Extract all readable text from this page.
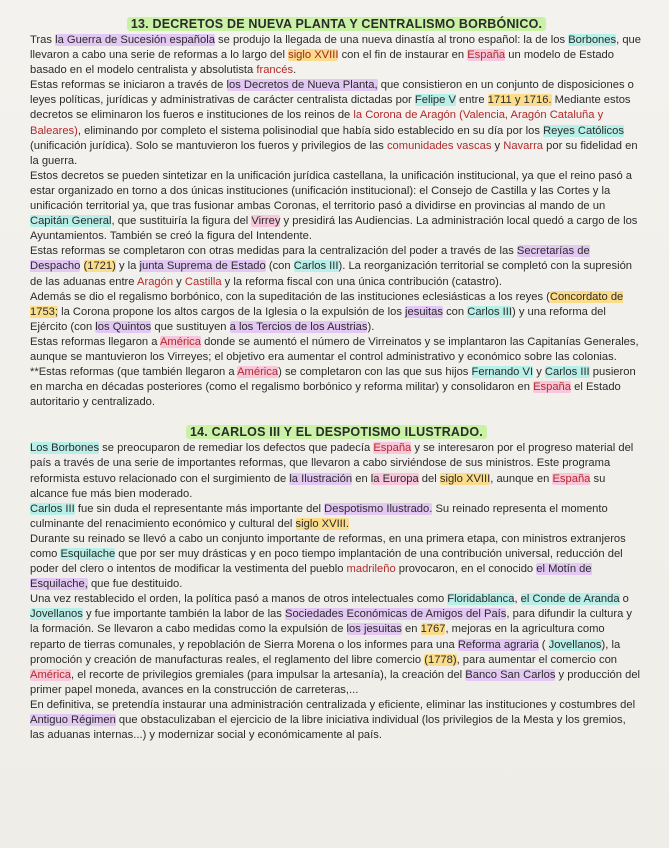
13. DECRETOS DE NUEVA PLANTA Y CENTRALISMO BORBÓNICO.

Tras la Guerra de Sucesión española se produjo la llegada de una nueva dinastía al trono español: la de los Borbones, que llevaron a cabo una serie de reformas a lo largo del siglo XVIII con el fin de instaurar en España un modelo de Estado basado en el modelo centralista y absolutista francés.

Estas reformas se iniciaron a través de los Decretos de Nueva Planta, que consistieron en un conjunto de disposiciones o leyes políticas, jurídicas y administrativas de carácter centralista dictadas por Felipe V entre 1711 y 1716. Mediante estos decretos se eliminaron los fueros e instituciones de los reinos de la Corona de Aragón (Valencia, Aragón Cataluña y Baleares), eliminando por completo el sistema polisinodial que había sido establecido en su día por los Reyes Católicos (unificación jurídica). Solo se mantuvieron los fueros y privilegios de las comunidades vascas y Navarra por su fidelidad en la guerra.

Estos decretos se pueden sintetizar en la unificación jurídica castellana, la unificación institucional, ya que el reino pasó a estar organizado en torno a dos únicas instituciones (unificación institucional): el Consejo de Castilla y las Cortes y la unificación territorial ya, que tras fusionar ambas Coronas, el territorio pasó a dividirse en provincias al mando de un Capitán General, que sustituiría la figura del Virrey y presidirá las Audiencias. La administración local quedó a cargo de los Ayuntamientos. También se creó la figura del Intendente.

Estas reformas se completaron con otras medidas para la centralización del poder a través de las Secretarías de Despacho (1721) y la junta Suprema de Estado (con Carlos III). La reorganización territorial se completó con la supresión de las aduanas entre Aragón y Castilla y la reforma fiscal con una única contribución (catastro).

Además se dio el regalismo borbónico, con la supeditación de las instituciones eclesiásticas a los reyes (Concordato de 1753; la Corona propone los altos cargos de la Iglesia o la expulsión de los jesuitas con Carlos III) y una reforma del Ejército (con los Quintos que sustituyen a los Tercios de los Austrias).

Estas reformas llegaron a América donde se aumentó el número de Virreinatos y se implantaron las Capitanías Generales, aunque se mantuvieron los Virreyes; el objetivo era aumentar el control administrativo y económico sobre las colonias.

**Estas reformas (que también llegaron a América) se completaron con las que sus hijos Fernando VI y Carlos III pusieron en marcha en décadas posteriores (como el regalismo borbónico y reforma militar) y consolidaron en España el Estado autoritario y centralizado.

14. CARLOS III Y EL DESPOTISMO ILUSTRADO.

Los Borbones se preocuparon de remediar los defectos que padecía España y se interesaron por el progreso material del país a través de una serie de importantes reformas, que llevaron a cabo sirviéndose de sus ministros. Este programa reformista estuvo relacionado con el surgimiento de la Ilustración en la Europa del siglo XVIII, aunque en España su alcance fue más bien moderado.

Carlos III fue sin duda el representante más importante del Despotismo Ilustrado. Su reinado representa el momento culminante del renacimiento económico y cultural del siglo XVIII.

Durante su reinado se llevó a cabo un conjunto importante de reformas, en una primera etapa, con ministros extranjeros como Esquilache que por ser muy drásticas y en poco tiempo implantación de una contribución universal, reducción del poder del clero o intentos de modificar la vestimenta del pueblo madrileño provocaron, en el conocido el Motín de Esquilache, que fue destituido.

Una vez restablecido el orden, la política pasó a manos de otros intelectuales como Floridablanca, el Conde de Aranda o Jovellanos y fue importante también la labor de las Sociedades Económicas de Amigos del País, para difundir la cultura y la formación. Se llevaron a cabo medidas como la expulsión de los jesuitas en 1767, mejoras en la agricultura como reparto de tierras comunales, y repoblación de Sierra Morena o los informes para una Reforma agraria ( Jovellanos), la promoción y creación de manufacturas reales, el reglamento del libre comercio (1778), para aumentar el comercio con América, el recorte de privilegios gremiales (para impulsar la artesanía), la creación del Banco San Carlos y producción del primer papel moneda, avances en la construcción de carreteras,...

En definitiva, se pretendía instaurar una administración centralizada y eficiente, eliminar las instituciones y costumbres del Antiguo Régimen que obstaculizaban el ejercicio de la libre iniciativa individual (los privilegios de la Mesta y los gremios, las aduanas internas...) y modernizar social y económicamente al país.
